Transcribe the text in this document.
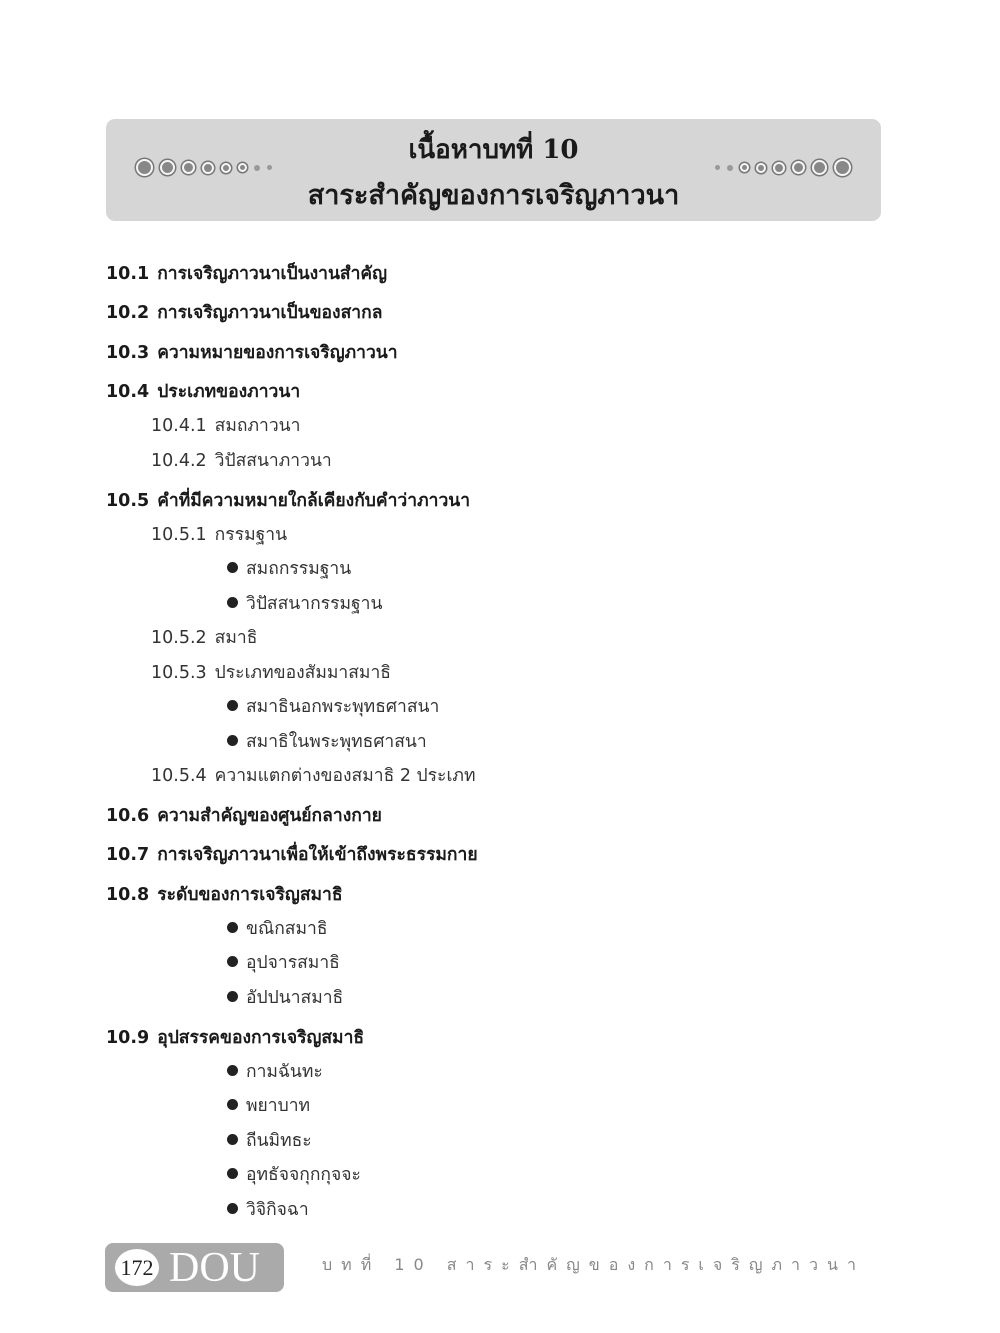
เนื้อหาบทที่ 10
สาระสำคัญของการเจริญภาวนา
10.1 การเจริญภาวนาเป็นงานสำคัญ
10.2 การเจริญภาวนาเป็นของสากล
10.3 ความหมายของการเจริญภาวนา
10.4 ประเภทของภาวนา
10.4.1 สมถภาวนา
10.4.2 วิปัสสนาภาวนา
10.5 คำที่มีความหมายใกล้เคียงกับคำว่าภาวนา
10.5.1 กรรมฐาน
สมถกรรมฐาน
วิปัสสนากรรมฐาน
10.5.2 สมาธิ
10.5.3 ประเภทของสัมมาสมาธิ
สมาธินอกพระพุทธศาสนา
สมาธิในพระพุทธศาสนา
10.5.4 ความแตกต่างของสมาธิ 2 ประเภท
10.6 ความสำคัญของศูนย์กลางกาย
10.7 การเจริญภาวนาเพื่อให้เข้าถึงพระธรรมกาย
10.8 ระดับของการเจริญสมาธิ
ขณิกสมาธิ
อุปจารสมาธิ
อัปปนาสมาธิ
10.9 อุปสรรคของการเจริญสมาธิ
กามฉันทะ
พยาบาท
ถีนมิทธะ
อุทธัจจกุกกุจจะ
วิจิกิจฉา
172 DOU	บทที่ 10 สาระสำคัญของการเจริญภาวนา
